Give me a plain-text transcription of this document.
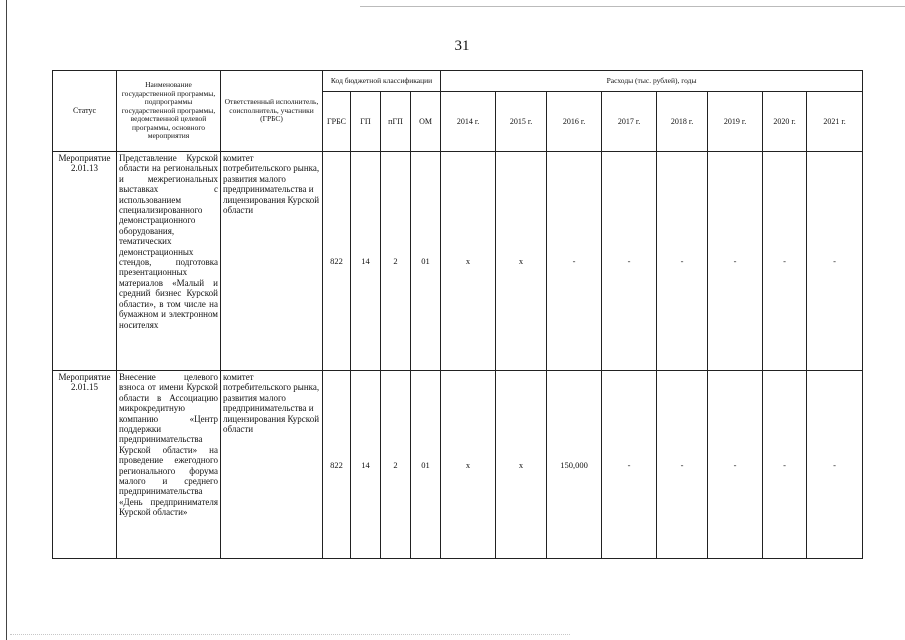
31
Статус	Наименование государственной программы, подпрограммы государственной программы, ведомственной целевой программы, основного мероприятия	Ответственный исполнитель, соисполнитель, участники (ГРБС)	Код бюджетной классификации				Расходы (тыс. рублей), годы							
			ГРБС	ГП	пГП	ОМ	2014 г.	2015 г.	2016 г.	2017 г.	2018 г.	2019 г.	2020 г.	2021 г.
Мероприятие 2.01.13	Представление Курской области на региональных и межрегиональных выставках с использованием специализированного демонстрационного оборудования, тематических демонстрационных стендов, подготовка презентационных материалов «Малый и средний бизнес Курской области», в том числе на бумажном и электронном носителях	комитет потребительского рынка, развития малого предпринимательства и лицензирования Курской области	822	14	2	01	x	x	-	-	-	-	-	-
Мероприятие 2.01.15	Внесение целевого взноса от имени Курской области в Ассоциацию микрокредитную компанию «Центр поддержки предпринимательства Курской области» на проведение ежегодного регионального форума малого и среднего предпринимательства «День предпринимателя Курской области»	комитет потребительского рынка, развития малого предпринимательства и лицензирования Курской области	822	14	2	01	x	x	150,000	-	-	-	-	-
